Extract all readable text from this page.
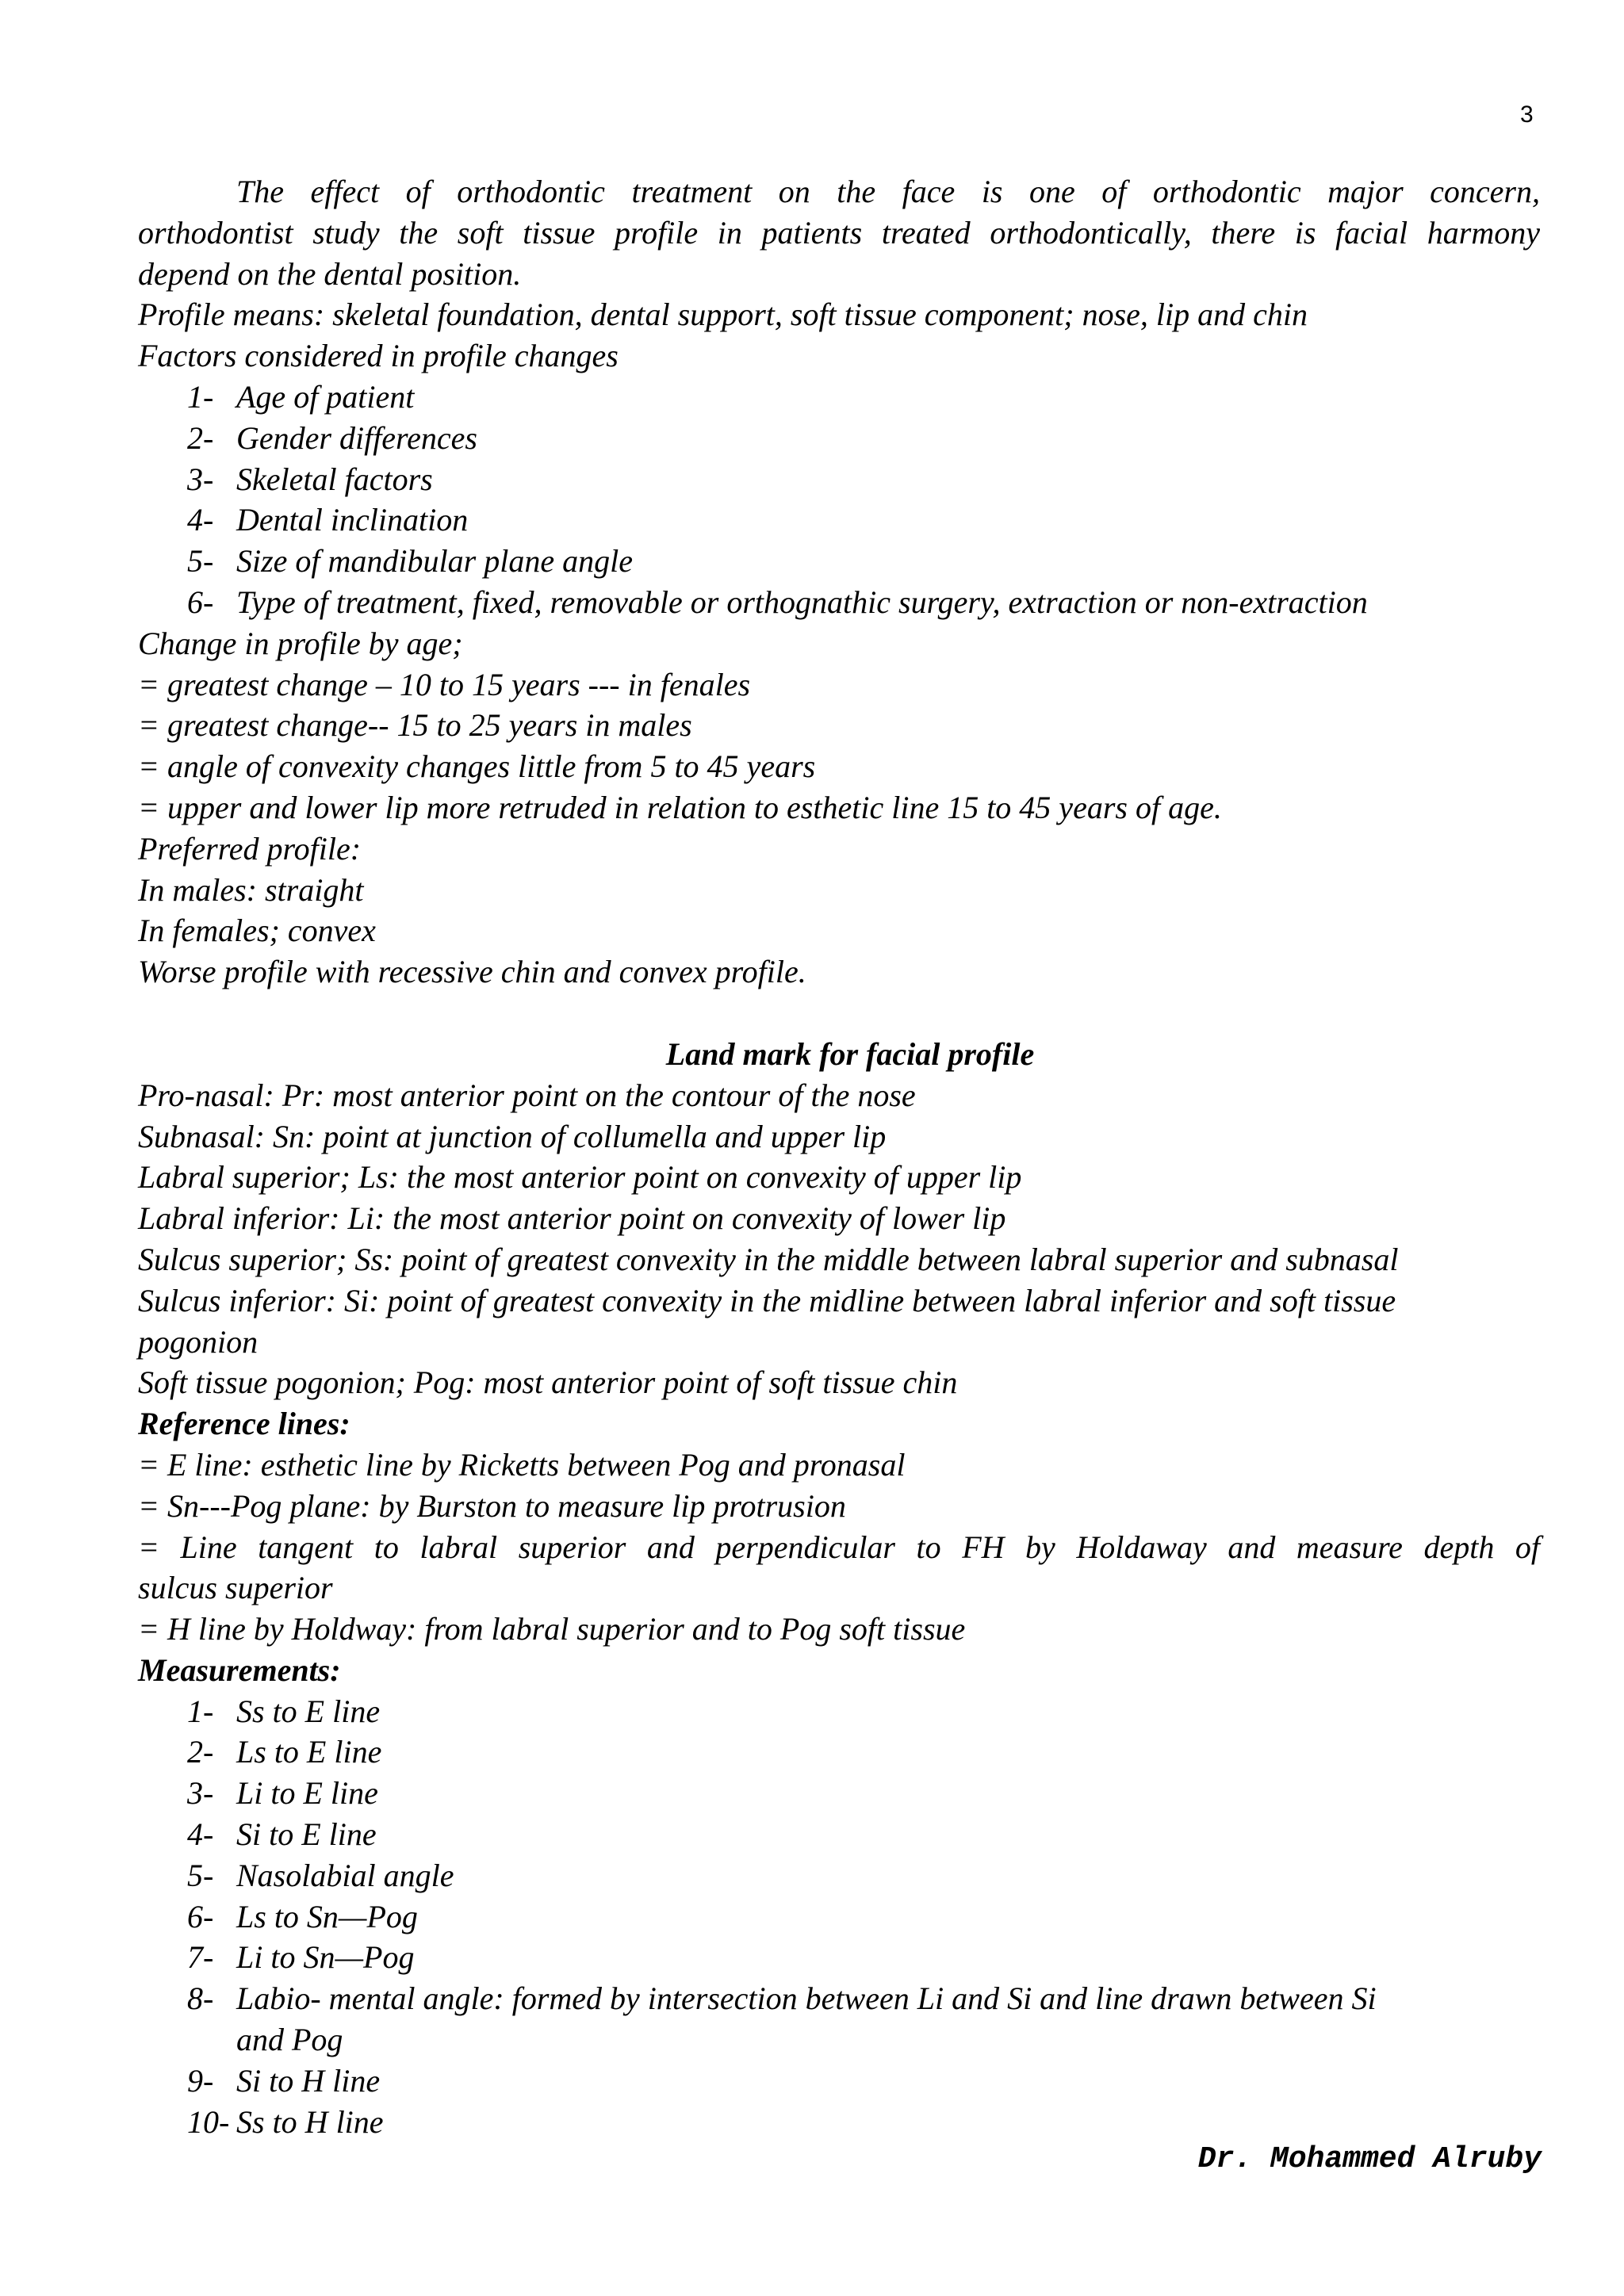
3

The effect of orthodontic treatment on the face is one of orthodontic major concern,

orthodontist study the soft tissue profile in patients treated orthodontically, there is facial harmony

depend on the dental position.

Profile means: skeletal foundation, dental support, soft tissue component; nose, lip and chin

Factors considered in profile changes

1- Age of patient
2- Gender differences
3- Skeletal factors
4- Dental inclination
5- Size of mandibular plane angle
6- Type of treatment, fixed, removable or orthognathic surgery, extraction or non-extraction

Change in profile by age;

= greatest change – 10 to 15 years --- in fenales

= greatest change-- 15 to 25 years in males

= angle of convexity changes little from 5 to 45 years

= upper and lower lip more retruded in relation to esthetic line 15 to 45 years of age.

Preferred profile:

In males: straight

In females; convex

Worse profile with recessive chin and convex profile.

Land mark for facial profile

Pro-nasal: Pr: most anterior point on the contour of the nose

Subnasal: Sn: point at junction of collumella and upper lip

Labral superior; Ls: the most anterior point on convexity of upper lip

Labral inferior: Li: the most anterior point on convexity of lower lip

Sulcus superior; Ss: point of greatest convexity in the middle between labral superior and subnasal

Sulcus inferior: Si: point of greatest convexity in the midline between labral inferior and soft tissue

pogonion

Soft tissue pogonion; Pog: most anterior point of soft tissue chin

Reference lines:

= E line: esthetic line by Ricketts between Pog and pronasal

= Sn---Pog plane: by Burston to measure lip protrusion

= Line tangent to labral superior and perpendicular to FH by Holdaway and measure depth of

sulcus superior

= H line by Holdway: from labral superior and to Pog soft tissue

Measurements:

1- Ss to E line
2- Ls to E line
3- Li to E line
4- Si to E line
5- Nasolabial angle
6- Ls to Sn—Pog
7- Li to Sn—Pog
8- Labio- mental angle: formed by intersection between Li and Si and line drawn between Si
and Pog
9- Si to H line
10- Ss to H line
Dr. Mohammed Alruby
